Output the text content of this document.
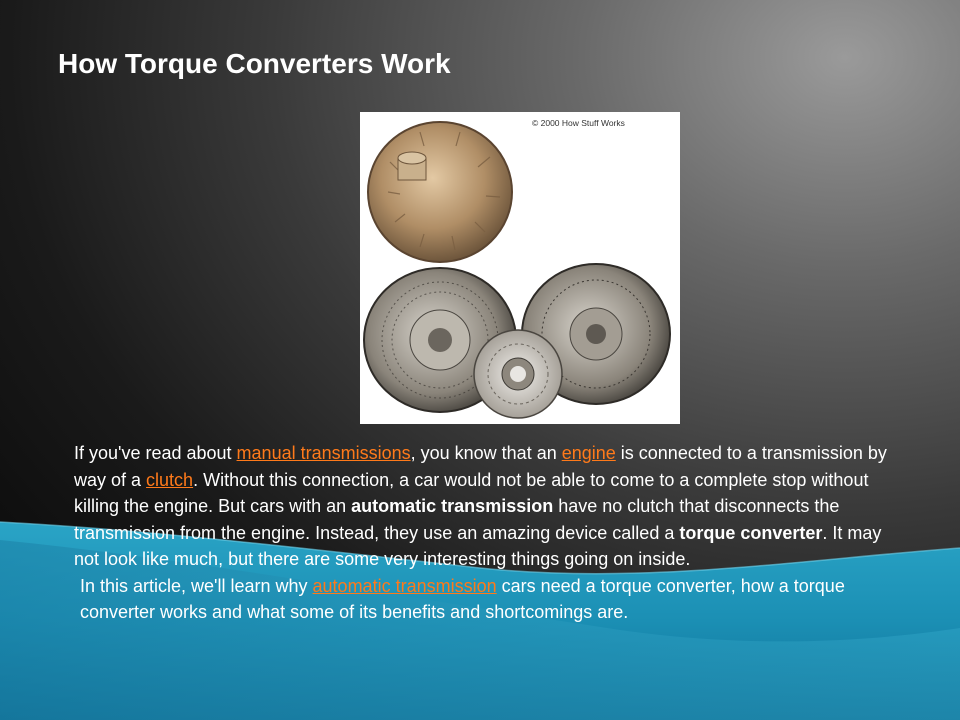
How Torque Converters Work
© 2000 How Stuff Works

If you've read about manual transmissions, you know that an engine is connected to a transmission by way of a clutch. Without this connection, a car would not be able to come to a complete stop without killing the engine. But cars with an automatic transmission have no clutch that disconnects the transmission from the engine. Instead, they use an amazing device called a torque converter. It may not look like much, but there are some very interesting things going on inside.
In this article, we'll learn why automatic transmission cars need a torque converter, how a torque converter works and what some of its benefits and shortcomings are.
